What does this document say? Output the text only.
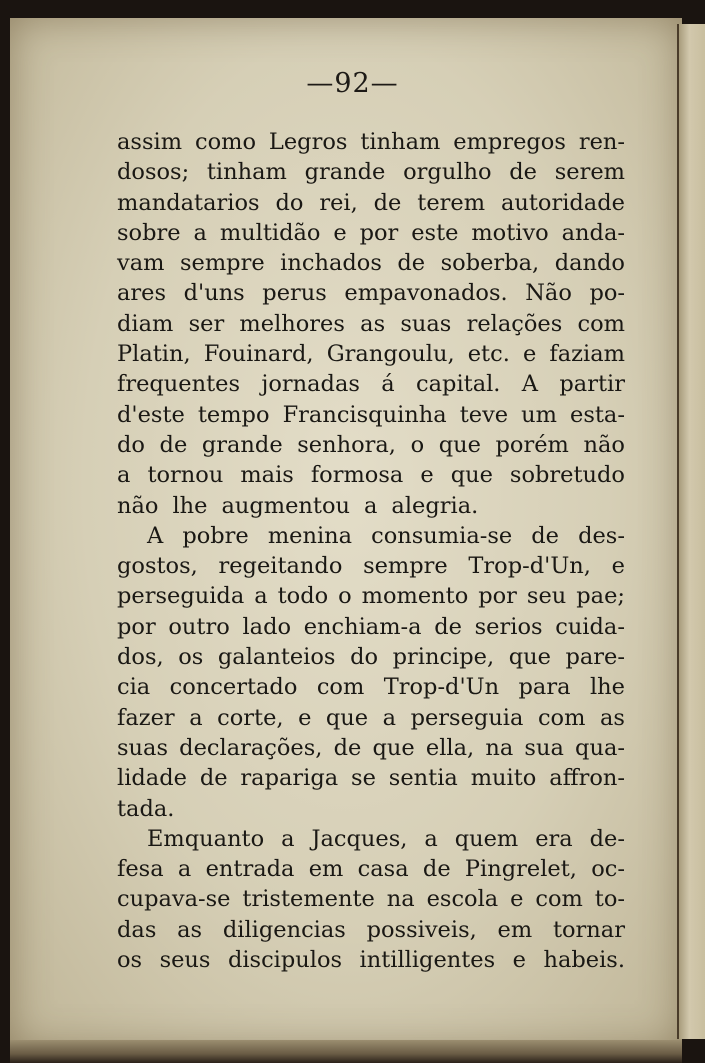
—92—
assim como Legros tinham empregos ren-
dosos; tinham grande orgulho de serem
mandatarios do rei, de terem autoridade
sobre a multidão e por este motivo anda-
vam sempre inchados de soberba, dando
ares d'uns perus empavonados. Não po-
diam ser melhores as suas relações com
Platin, Fouinard, Grangoulu, etc. e faziam
frequentes jornadas á capital. A partir
d'este tempo Francisquinha teve um esta-
do de grande senhora, o que porém não
a tornou mais formosa e que sobretudo
não lhe augmentou a alegria.
A pobre menina consumia-se de des-
gostos, regeitando sempre Trop-d'Un, e
perseguida a todo o momento por seu pae;
por outro lado enchiam-a de serios cuida-
dos, os galanteios do principe, que pare-
cia concertado com Trop-d'Un para lhe
fazer a corte, e que a perseguia com as
suas declarações, de que ella, na sua qua-
lidade de rapariga se sentia muito affron-
tada.
Emquanto a Jacques, a quem era de-
fesa a entrada em casa de Pingrelet, oc-
cupava-se tristemente na escola e com to-
das as diligencias possiveis, em tornar
os seus discipulos intilligentes e habeis.
